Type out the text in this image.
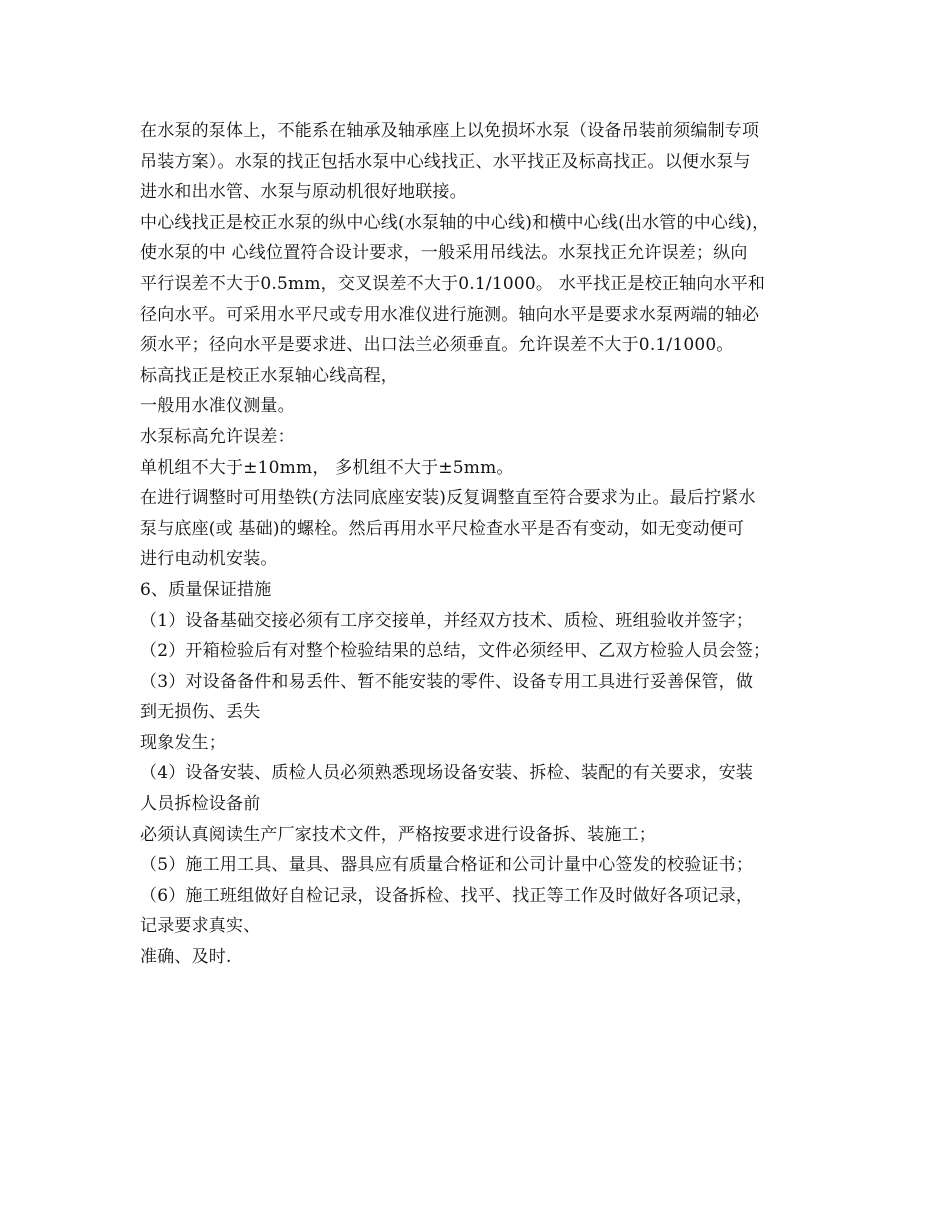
在水泵的泵体上，不能系在轴承及轴承座上以免损坏水泵（设备吊装前须编制专项
吊装方案）。水泵的找正包括水泵中心线找正、水平找正及标高找正。以便水泵与
进水和出水管、水泵与原动机很好地联接。
中心线找正是校正水泵的纵中心线(水泵轴的中心线)和横中心线(出水管的中心线)，
使水泵的中 心线位置符合设计要求，一般采用吊线法。水泵找正允许误差；纵向
平行误差不大于0.5mm，交叉误差不大于0.1/1000。 水平找正是校正轴向水平和
径向水平。可采用水平尺或专用水准仪进行施测。轴向水平是要求水泵两端的轴必
须水平；径向水平是要求进、出口法兰必须垂直。允许误差不大于0.1/1000。
标高找正是校正水泵轴心线高程，
一般用水准仪测量。
水泵标高允许误差：
单机组不大于±10mm， 多机组不大于±5mm。
在进行调整时可用垫铁(方法同底座安装)反复调整直至符合要求为止。最后拧紧水
泵与底座(或 基础)的螺栓。然后再用水平尺检查水平是否有变动，如无变动便可
进行电动机安装。
6、质量保证措施
（1）设备基础交接必须有工序交接单，并经双方技术、质检、班组验收并签字；
（2）开箱检验后有对整个检验结果的总结，文件必须经甲、乙双方检验人员会签；
（3）对设备备件和易丢件、暂不能安装的零件、设备专用工具进行妥善保管，做
到无损伤、丢失
现象发生；
（4）设备安装、质检人员必须熟悉现场设备安装、拆检、装配的有关要求，安装
人员拆检设备前
必须认真阅读生产厂家技术文件，严格按要求进行设备拆、装施工；
（5）施工用工具、量具、器具应有质量合格证和公司计量中心签发的校验证书；
（6）施工班组做好自检记录，设备拆检、找平、找正等工作及时做好各项记录，
记录要求真实、
准确、及时.
